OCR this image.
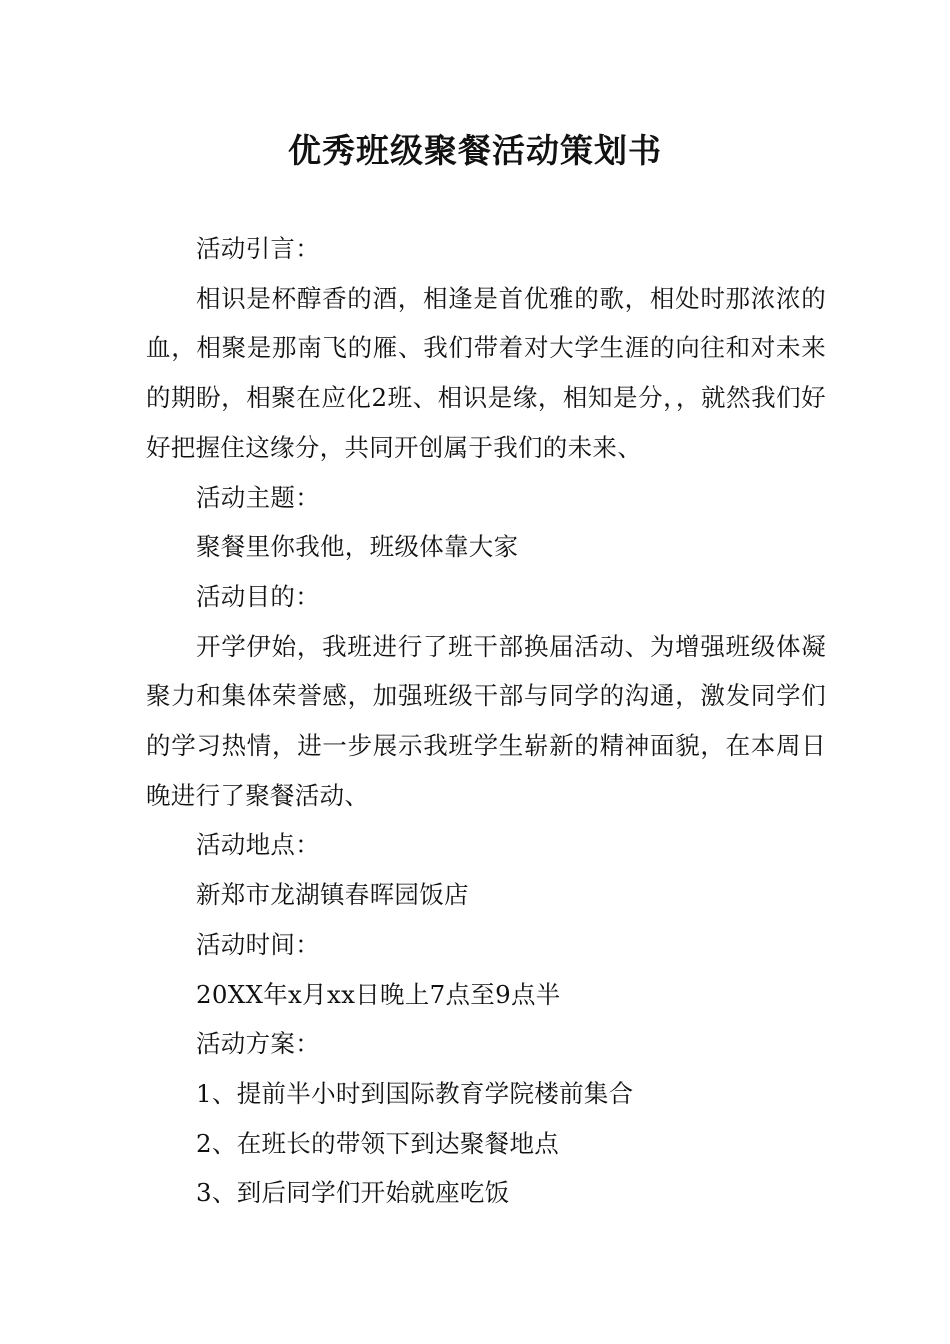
优秀班级聚餐活动策划书

活动引言：

相识是杯醇香的酒，相逢是首优雅的歌，相处时那浓浓的血，相聚是那南飞的雁、我们带着对大学生涯的向往和对未来的期盼，相聚在应化2班、相识是缘，相知是分，，就然我们好好把握住这缘分，共同开创属于我们的未来、

活动主题：

聚餐里你我他，班级体靠大家

活动目的：

开学伊始，我班进行了班干部换届活动、为增强班级体凝聚力和集体荣誉感，加强班级干部与同学的沟通，激发同学们的学习热情，进一步展示我班学生崭新的精神面貌，在本周日晚进行了聚餐活动、

活动地点：

新郑市龙湖镇春晖园饭店

活动时间：

20XX年x月xx日晚上7点至9点半

活动方案：

1、提前半小时到国际教育学院楼前集合

2、在班长的带领下到达聚餐地点

3、到后同学们开始就座吃饭
